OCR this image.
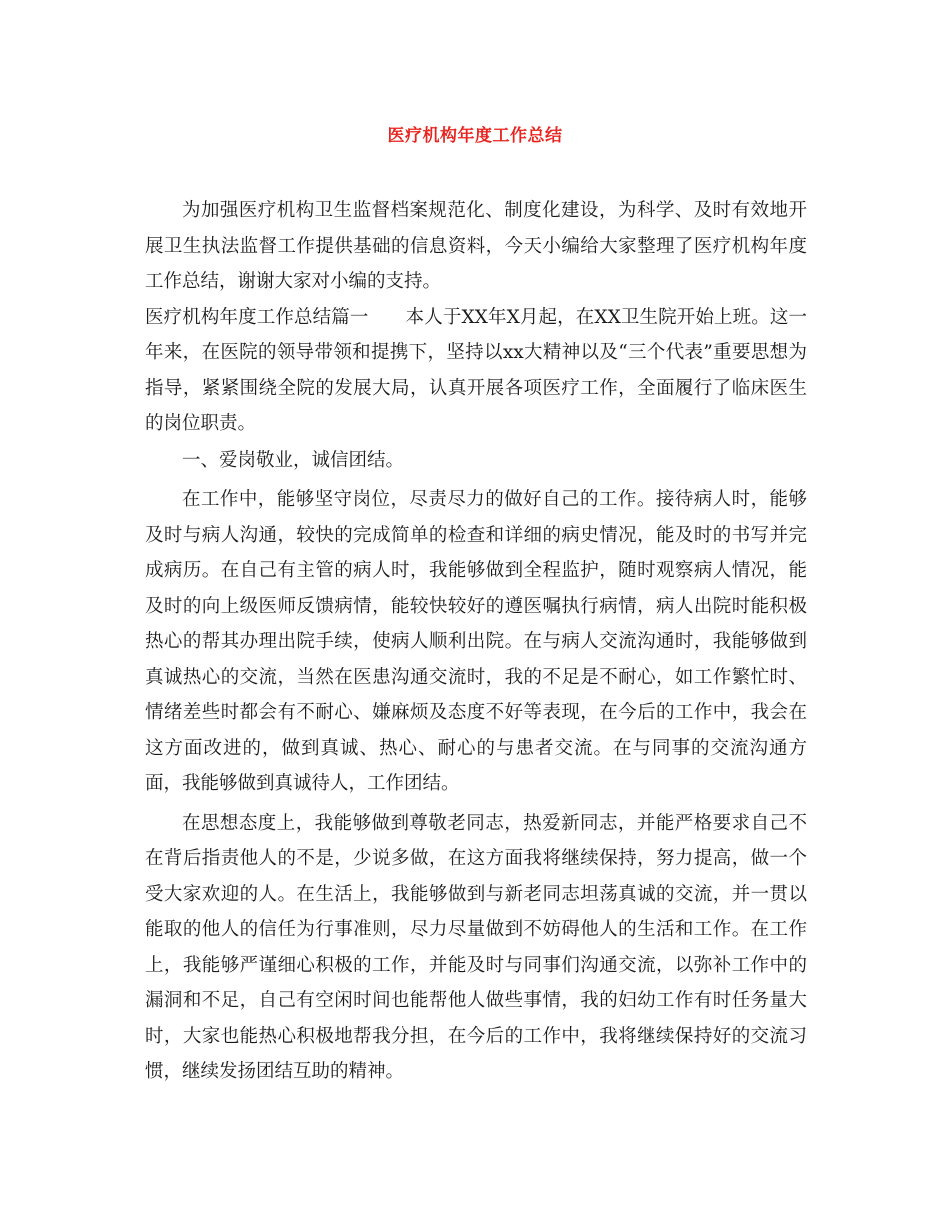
医疗机构年度工作总结

为加强医疗机构卫生监督档案规范化、制度化建设，为科学、及时有效地开展卫生执法监督工作提供基础的信息资料，今天小编给大家整理了医疗机构年度工作总结，谢谢大家对小编的支持。

医疗机构年度工作总结篇一 本人于XX年X月起，在XX卫生院开始上班。这一年来，在医院的领导带领和提携下，坚持以xx大精神以及“三个代表”重要思想为指导，紧紧围绕全院的发展大局，认真开展各项医疗工作，全面履行了临床医生的岗位职责。

一、爱岗敬业，诚信团结。

在工作中，能够坚守岗位，尽责尽力的做好自己的工作。接待病人时，能够及时与病人沟通，较快的完成简单的检查和详细的病史情况，能及时的书写并完成病历。在自己有主管的病人时，我能够做到全程监护，随时观察病人情况，能及时的向上级医师反馈病情，能较快较好的遵医嘱执行病情，病人出院时能积极热心的帮其办理出院手续，使病人顺利出院。在与病人交流沟通时，我能够做到真诚热心的交流，当然在医患沟通交流时，我的不足是不耐心，如工作繁忙时、情绪差些时都会有不耐心、嫌麻烦及态度不好等表现，在今后的工作中，我会在这方面改进的，做到真诚、热心、耐心的与患者交流。在与同事的交流沟通方面，我能够做到真诚待人，工作团结。

在思想态度上，我能够做到尊敬老同志，热爱新同志，并能严格要求自己不在背后指责他人的不是，少说多做，在这方面我将继续保持，努力提高，做一个受大家欢迎的人。在生活上，我能够做到与新老同志坦荡真诚的交流，并一贯以能取的他人的信任为行事准则，尽力尽量做到不妨碍他人的生活和工作。在工作上，我能够严谨细心积极的工作，并能及时与同事们沟通交流，以弥补工作中的漏洞和不足，自己有空闲时间也能帮他人做些事情，我的妇幼工作有时任务量大时，大家也能热心积极地帮我分担，在今后的工作中，我将继续保持好的交流习惯，继续发扬团结互助的精神。
